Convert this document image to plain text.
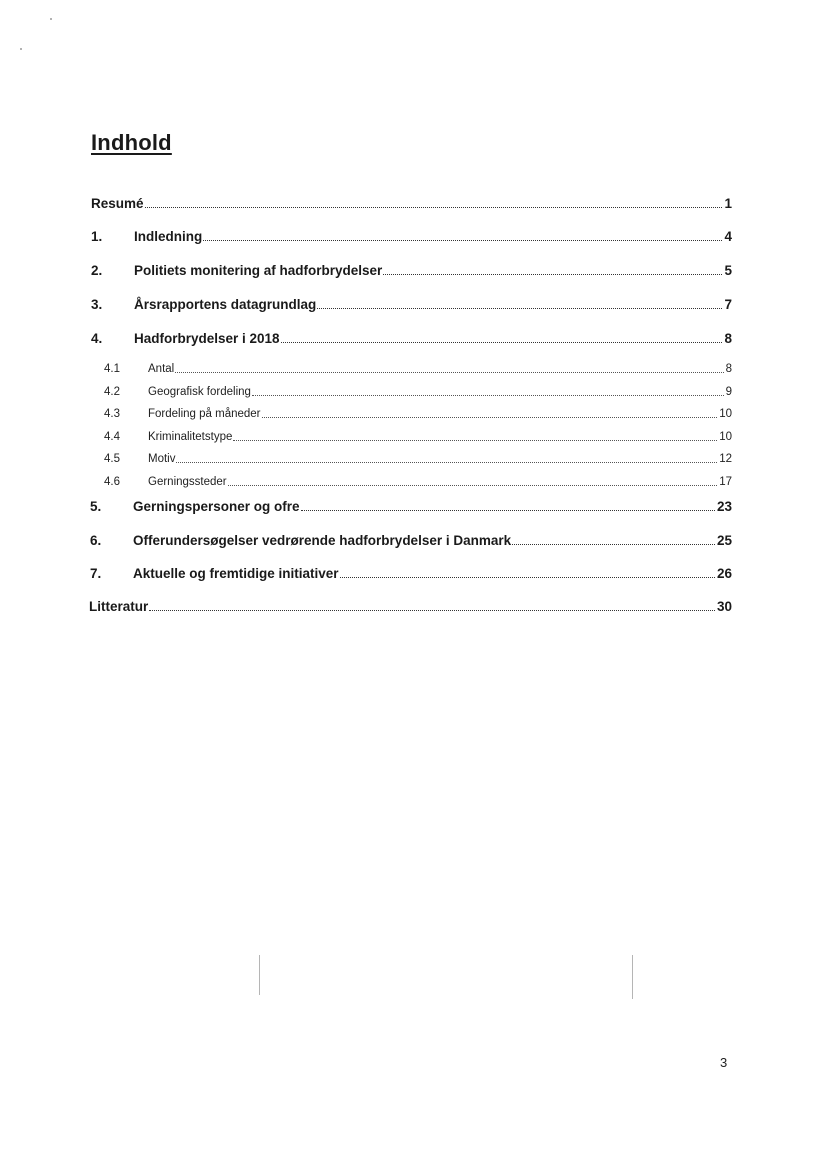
Indhold
Resumé	1
1.	Indledning	4
2.	Politiets monitering af hadforbrydelser	5
3.	Årsrapportens datagrundlag	7
4.	Hadforbrydelser i 2018	8
4.1	Antal	8
4.2	Geografisk fordeling	9
4.3	Fordeling på måneder	10
4.4	Kriminalitetstype	10
4.5	Motiv	12
4.6	Gerningssteder	17
5.	Gerningspersoner og ofre	23
6.	Offerundersøgelser vedrørende hadforbrydelser i Danmark	25
7.	Aktuelle og fremtidige initiativer	26
Litteratur	30
3
